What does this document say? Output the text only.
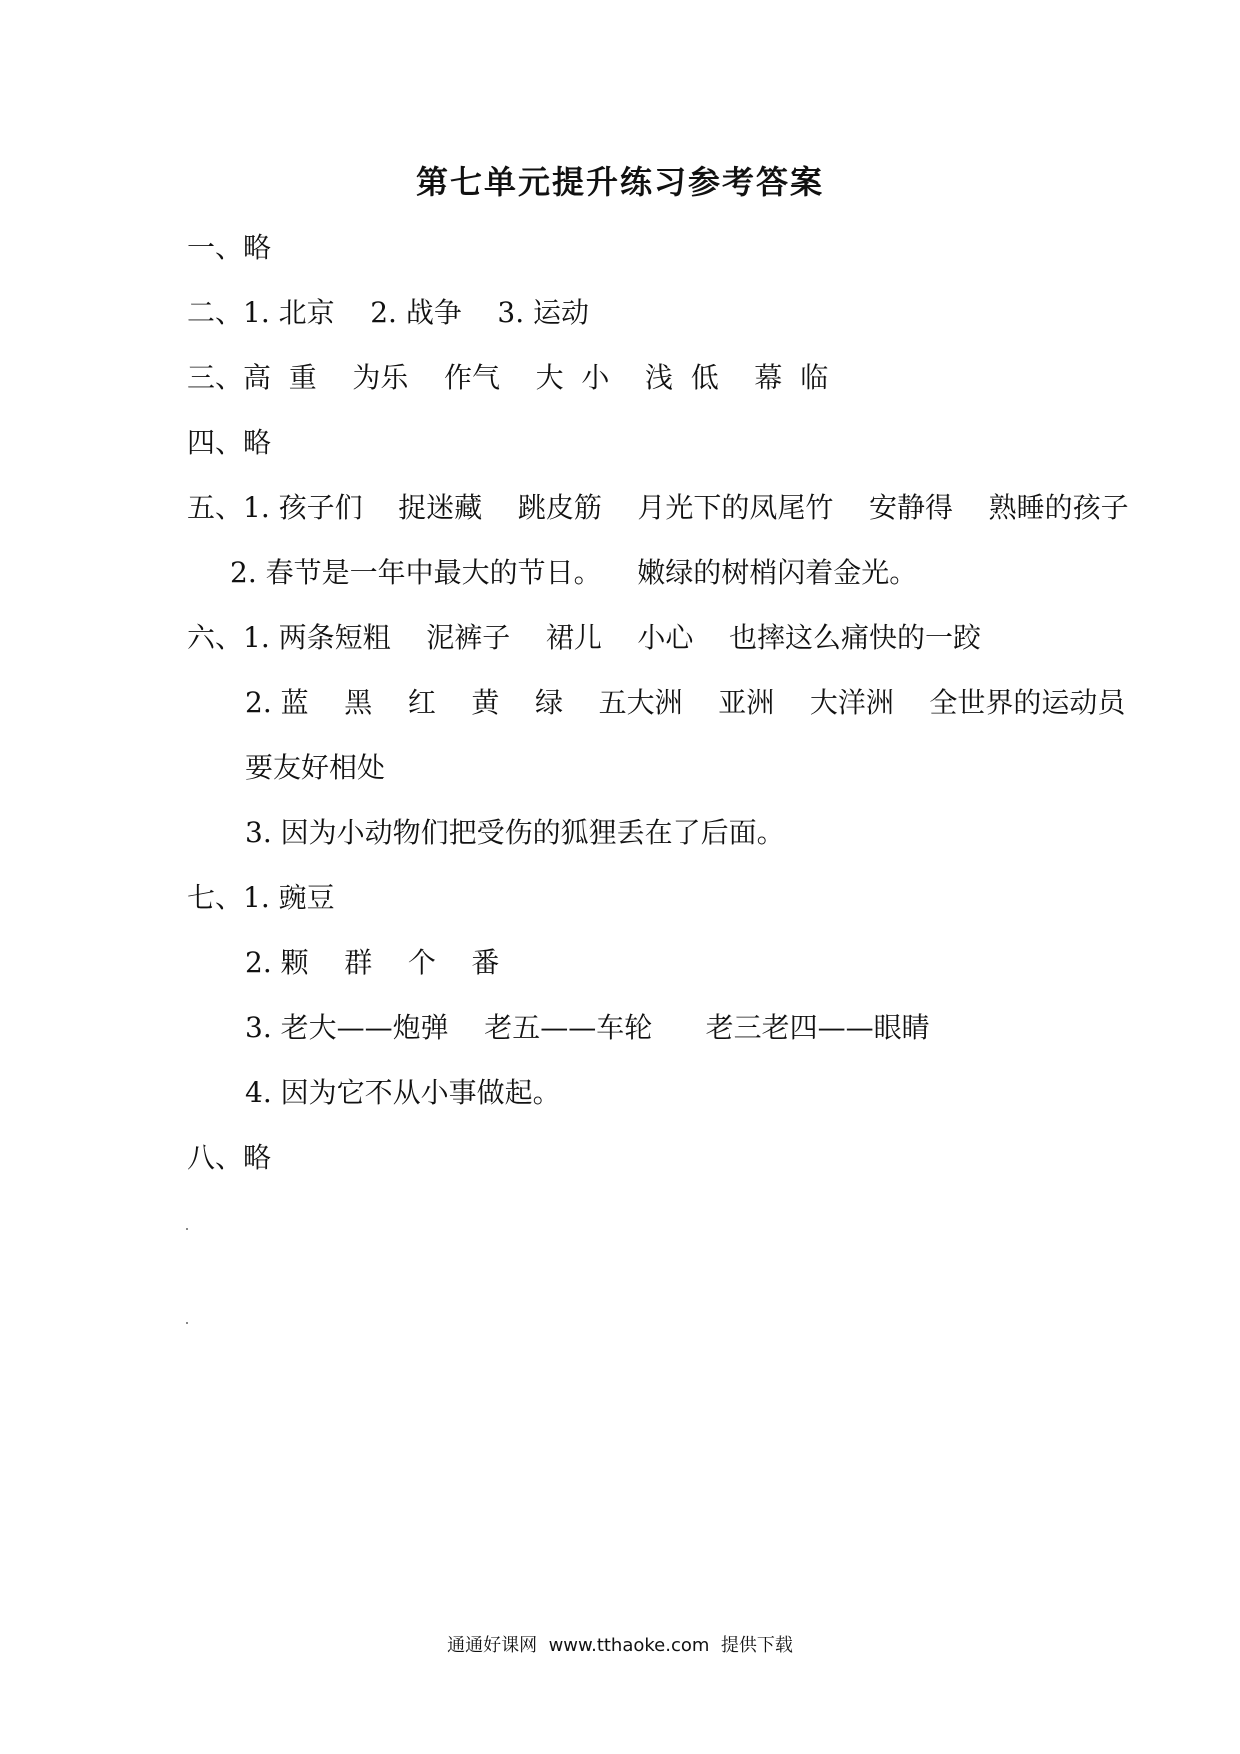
第七单元提升练习参考答案
一、略
二、1. 北京    2. 战争    3. 运动
三、高  重    为乐    作气    大  小    浅  低    幕  临
四、略
五、1. 孩子们    捉迷藏    跳皮筋    月光下的凤尾竹    安静得    熟睡的孩子
2. 春节是一年中最大的节日。    嫩绿的树梢闪着金光。
六、1. 两条短粗    泥裤子    裙儿    小心    也摔这么痛快的一跤
2. 蓝    黑    红    黄    绿    五大洲    亚洲    大洋洲    全世界的运动员
要友好相处
3. 因为小动物们把受伤的狐狸丢在了后面。
七、1. 豌豆
2. 颗    群    个    番
3. 老大——炮弹    老五——车轮      老三老四——眼睛
4. 因为它不从小事做起。
八、略
通通好课网  www.tthaoke.com  提供下载
